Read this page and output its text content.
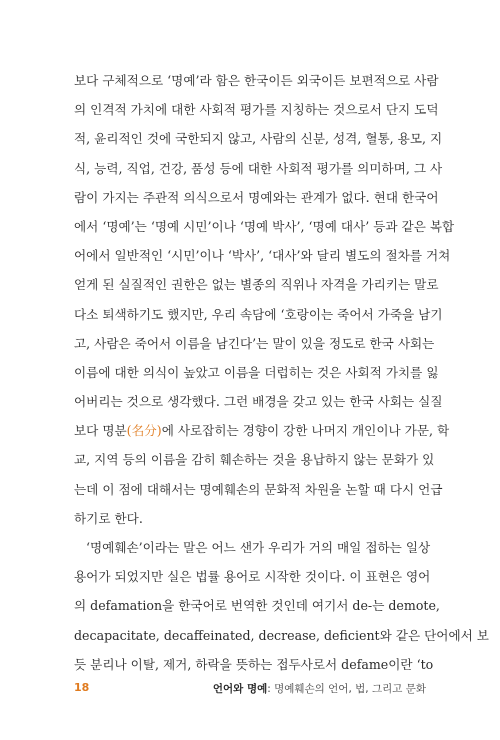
보다 구체적으로 ‘명예’라 함은 한국이든 외국이든 보편적으로 사람
의 인격적 가치에 대한 사회적 평가를 지칭하는 것으로서 단지 도덕
적, 윤리적인 것에 국한되지 않고, 사람의 신분, 성격, 혈통, 용모, 지
식, 능력, 직업, 건강, 품성 등에 대한 사회적 평가를 의미하며, 그 사
람이 가지는 주관적 의식으로서 명예와는 관계가 없다. 현대 한국어
에서 ‘명예’는 ‘명예 시민’이나 ‘명예 박사’, ‘명예 대사’ 등과 같은 복합
어에서 일반적인 ‘시민’이나 ‘박사’, ‘대사’와 달리 별도의 절차를 거쳐
얻게 된 실질적인 권한은 없는 별종의 직위나 자격을 가리키는 말로
다소 퇴색하기도 했지만, 우리 속담에 ‘호랑이는 죽어서 가죽을 남기
고, 사람은 죽어서 이름을 남긴다’는 말이 있을 정도로 한국 사회는
이름에 대한 의식이 높았고 이름을 더럽히는 것은 사회적 가치를 잃
어버리는 것으로 생각했다. 그런 배경을 갖고 있는 한국 사회는 실질
보다 명분(名分)에 사로잡히는 경향이 강한 나머지 개인이나 가문, 학
교, 지역 등의 이름을 감히 훼손하는 것을 용납하지 않는 문화가 있
는데 이 점에 대해서는 명예훼손의 문화적 차원을 논할 때 다시 언급
하기로 한다.
‘명예훼손’이라는 말은 어느 샌가 우리가 거의 매일 접하는 일상
용어가 되었지만 실은 법률 용어로 시작한 것이다. 이 표현은 영어
의 defamation을 한국어로 번역한 것인데 여기서 de-는 demote,
decapacitate, decaffeinated, decrease, deficient와 같은 단어에서 보
듯 분리나 이탈, 제거, 하락을 뜻하는 접두사로서 defame이란 ‘to
18	언어와 명예: 명예훼손의 언어, 법, 그리고 문화
